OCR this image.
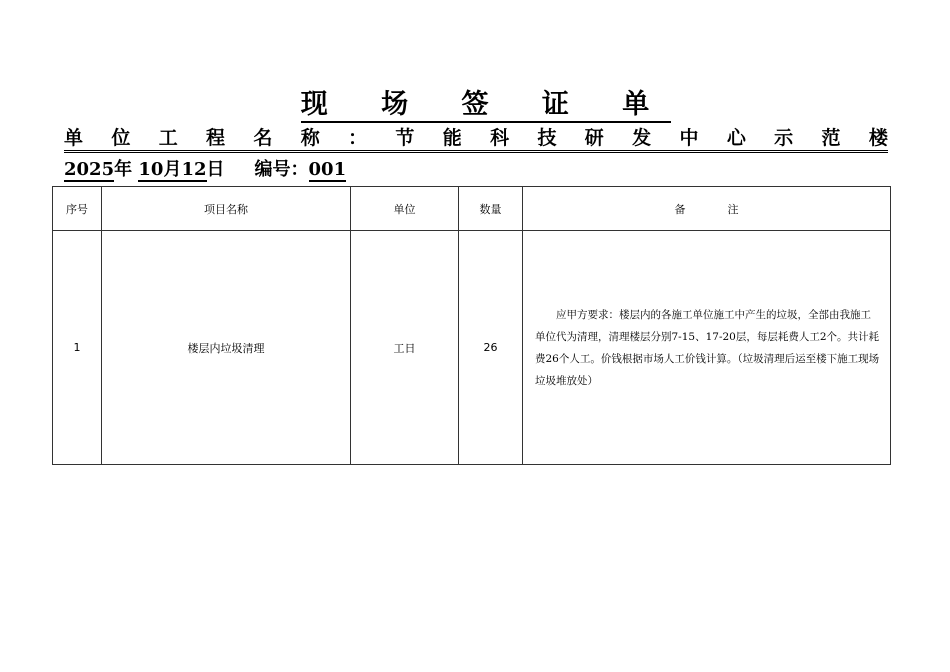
现 场 签 证 单
单 位 工 程 名 称 ： 节 能 科 技 研 发 中 心 示 范 楼
2025年 10月12日 编号：001
序号	项目名称	单位	数量	备注
1	楼层内垃圾清理	工日	26	　　应甲方要求：楼层内的各施工单位施工中产生的垃圾，全部由我施工单位代为清理，清理楼层分别7-15、17-20层，每层耗费人工2个。共计耗费26个人工。价钱根据市场人工价钱计算。（垃圾清理后运至楼下施工现场垃圾堆放处）
